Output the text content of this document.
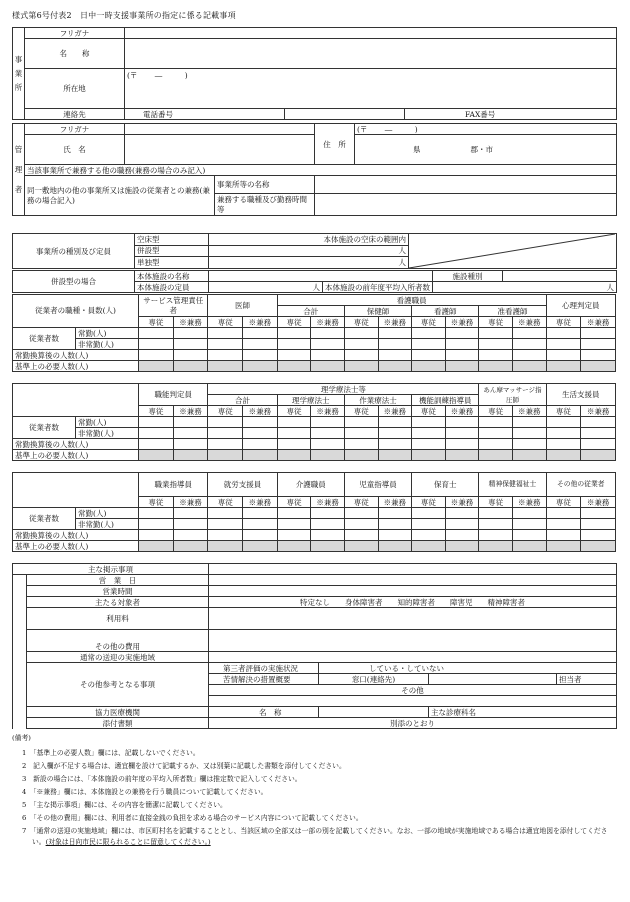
様式第6号付表2　日中一時支援事業所の指定に係る記載事項
事業所	フリガナ			
	名　　称			
	所在地	(〒　　 ―　　　)		
	連絡先	電話番号		FAX番号
管理者	フリガナ			住　所	(〒　　 ―　　　)
	氏　名				県 郡・市
	当該事業所で兼務する他の職務(兼務の場合のみ記入)				
	同一敷地内の他の事業所又は施設の従業者との兼務(兼務の場合記入)		事業所等の名称		
			兼務する職種及び勤務時間等		
事業所の種別及び定員	空床型	本体施設の空床の範囲内	

	併設型	人	
	単独型	人	
併設型の場合	本体施設の名称			施設種別	
	本体施設の定員	人	本体施設の前年度平均入所者数	人	
従業者の職種・員数(人)		サービス管理責任者		医師		看護職員								心理判定員	
						合計		保健師		看護師		准看護師			
		専従	※兼務	専従	※兼務	専従	※兼務	専従	※兼務	専従	※兼務	専従	※兼務	専従	※兼務
従業者数	常勤(人)														
	非常勤(人)														
常勤換算後の人数(人)															
基準上の必要人数(人)															
		職能判定員		理学療法士等								あん摩マッサージ指圧師		生活支援員	
				合計		理学療法士		作業療法士		機能訓練指導員					
		専従	※兼務	専従	※兼務	専従	※兼務	専従	※兼務	専従	※兼務	専従	※兼務	専従	※兼務
従業者数	常勤(人)														
	非常勤(人)														
常勤換算後の人数(人)															
基準上の必要人数(人)															
		職業指導員		就労支援員		介護職員		児童指導員		保育士		精神保健福祉士		その他の従業者	
		専従	※兼務	専従	※兼務	専従	※兼務	専従	※兼務	専従	※兼務	専従	※兼務	専従	※兼務
従業者数	常勤(人)														
	非常勤(人)														
常勤換算後の人数(人)															
基準上の必要人数(人)															
主な掲示事項					
	営　業　日				
	営業時間				
	主たる対象者	特定なし　　身体障害者　　知的障害者　　障害児　　精神障害者			
	利用料				
	その他の費用				
	通常の送迎の実施地域				
	その他参考となる事項	第三者評価の実施状況	している・していない		
		苦情解決の措置概要	窓口(連絡先)		担当者
		その他			

	協力医療機関	名　称		主な診療科名	
	添付書類	別添のとおり			
(備考)

1　「基準上の必要人数」欄には、記載しないでください。

2　記入欄が不足する場合は、適宜欄を設けて記載するか、又は別葉に記載した書類を添付してください。

3　新設の場合には、「本体施設の前年度の平均入所者数」欄は推定数で記入してください。

4　「※兼務」欄には、本体施設との兼務を行う職員について記載してください。

5　「主な掲示事項」欄には、その内容を簡潔に記載してください。

6　「その他の費用」欄には、利用者に直接金銭の負担を求める場合のサービス内容について記載してください。

7　「通常の送迎の実施地域」欄には、市区町村名を記載することとし、当該区域の全部又は一部の別を記載してください。なお、一部の地域が実施地域である場合は適宜地図を添付してください。(対象は日向市民に限られることに留意してください。)
